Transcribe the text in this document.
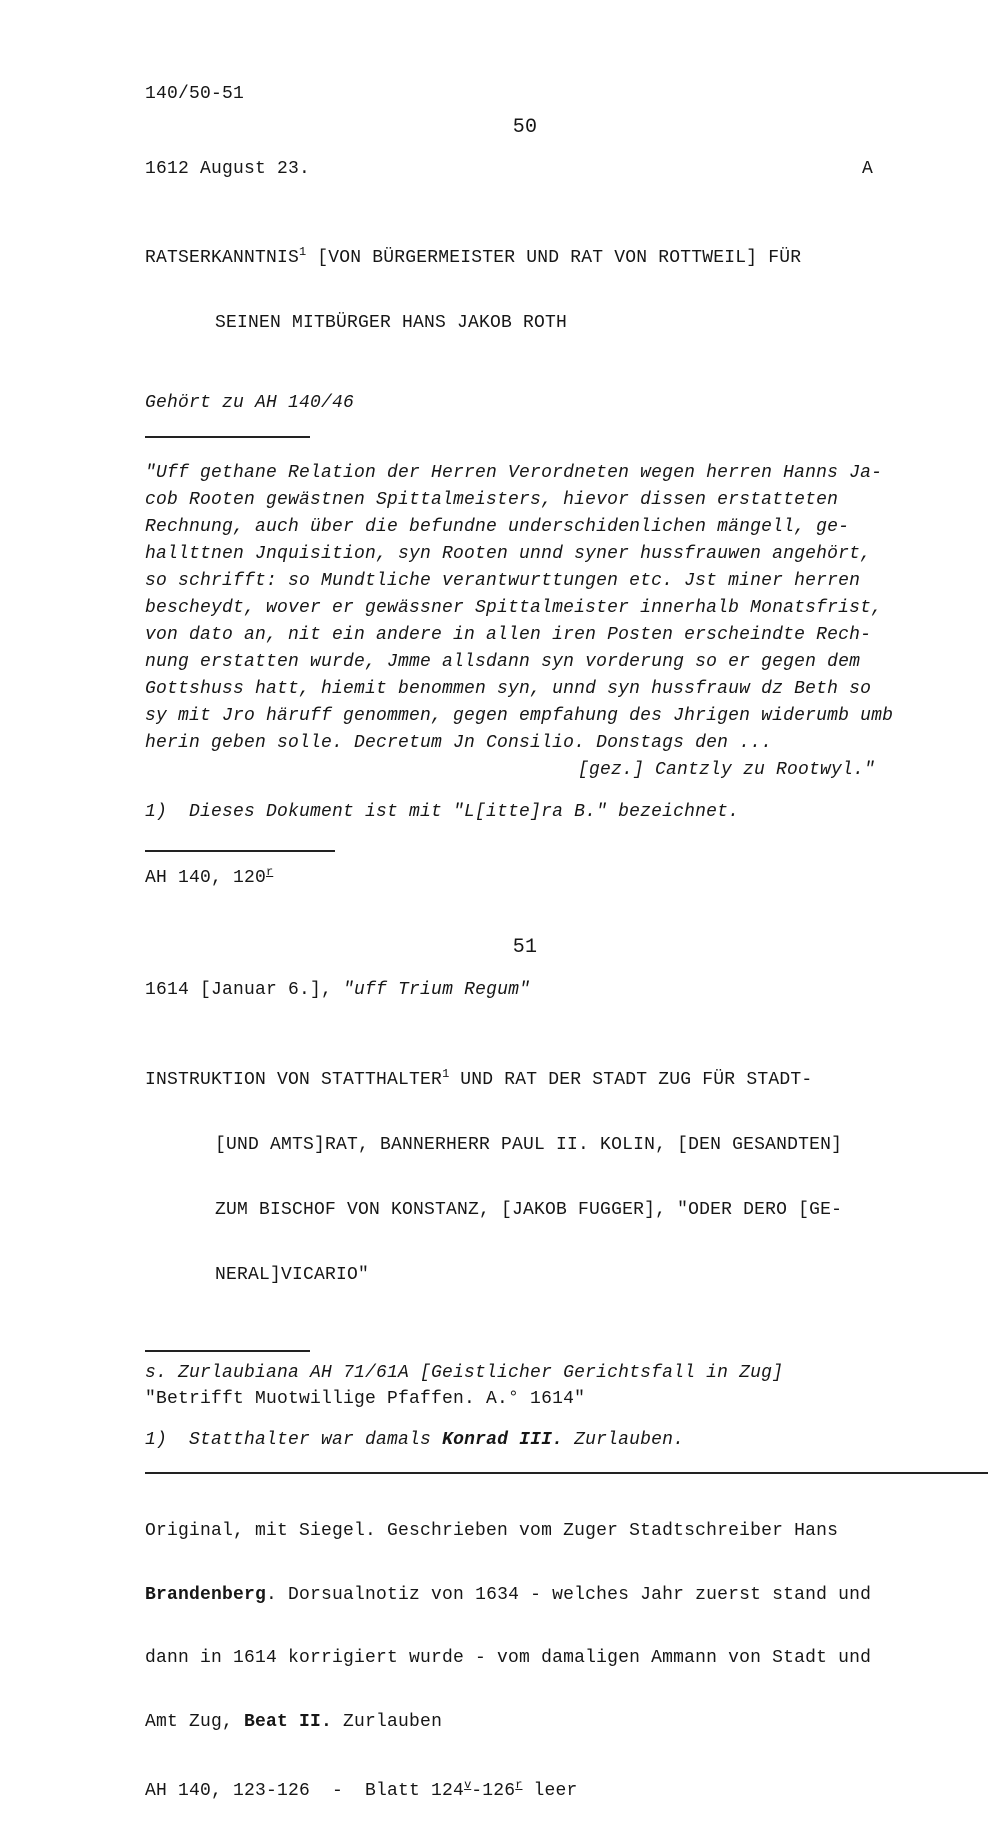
140/50-51
50
1612 August 23.	A

RATSERKANNTNIS$^1$ [VON BÜRGERMEISTER UND RAT VON ROTTWEIL] FÜR

SEINEN MITBÜRGER HANS JAKOB ROTH

Gehört zu AH 140/46
"Uff gethane Relation der Herren Verordneten wegen herren Hanns Ja-
cob Rooten gewästnen Spittalmeisters, hievor dissen erstatteten
Rechnung, auch über die befundne underschidenlichen mängell, ge-
hallttnen Jnquisition, syn Rooten unnd syner hussfrauwen angehört,
so schrifft: so Mundtliche verantwurttungen etc. Jst miner herren
bescheydt, wover er gewässner Spittalmeister innerhalb Monatsfrist,
von dato an, nit ein andere in allen iren Posten erscheindte Rech-
nung erstatten wurde, Jmme allsdann syn vorderung so er gegen dem
Gottshuss hatt, hiemit benommen syn, unnd syn hussfrauw dz Beth so
sy mit Jro häruff genommen, gegen empfahung des Jhrigen widerumb umb
herin geben solle. Decretum Jn Consilio. Donstags den ...
[gez.] Cantzly zu Rootwyl."
1)  Dieses Dokument ist mit "L[itte]ra B." bezeichnet.
AH 140, 120$^r$
51
1614 [Januar 6.], "uff Trium Regum"

INSTRUKTION VON STATTHALTER$^1$ UND RAT DER STADT ZUG FÜR STADT-

[UND AMTS]RAT, BANNERHERR PAUL II. KOLIN, [DEN GESANDTEN]

ZUM BISCHOF VON KONSTANZ, [JAKOB FUGGER], "ODER DERO [GE-

NERAL]VICARIO"

s. Zurlaubiana AH 71/61A [Geistlicher Gerichtsfall in Zug]
"Betrifft Muotwillige Pfaffen. A.° 1614"
1)  Statthalter war damals Konrad III. Zurlauben.

Original, mit Siegel. Geschrieben vom Zuger Stadtschreiber Hans

Brandenberg. Dorsualnotiz von 1634 - welches Jahr zuerst stand und

dann in 1614 korrigiert wurde - vom damaligen Ammann von Stadt und

Amt Zug, Beat II. Zurlauben

AH 140, 123-126  -  Blatt 124$^v$-126$^r$ leer
